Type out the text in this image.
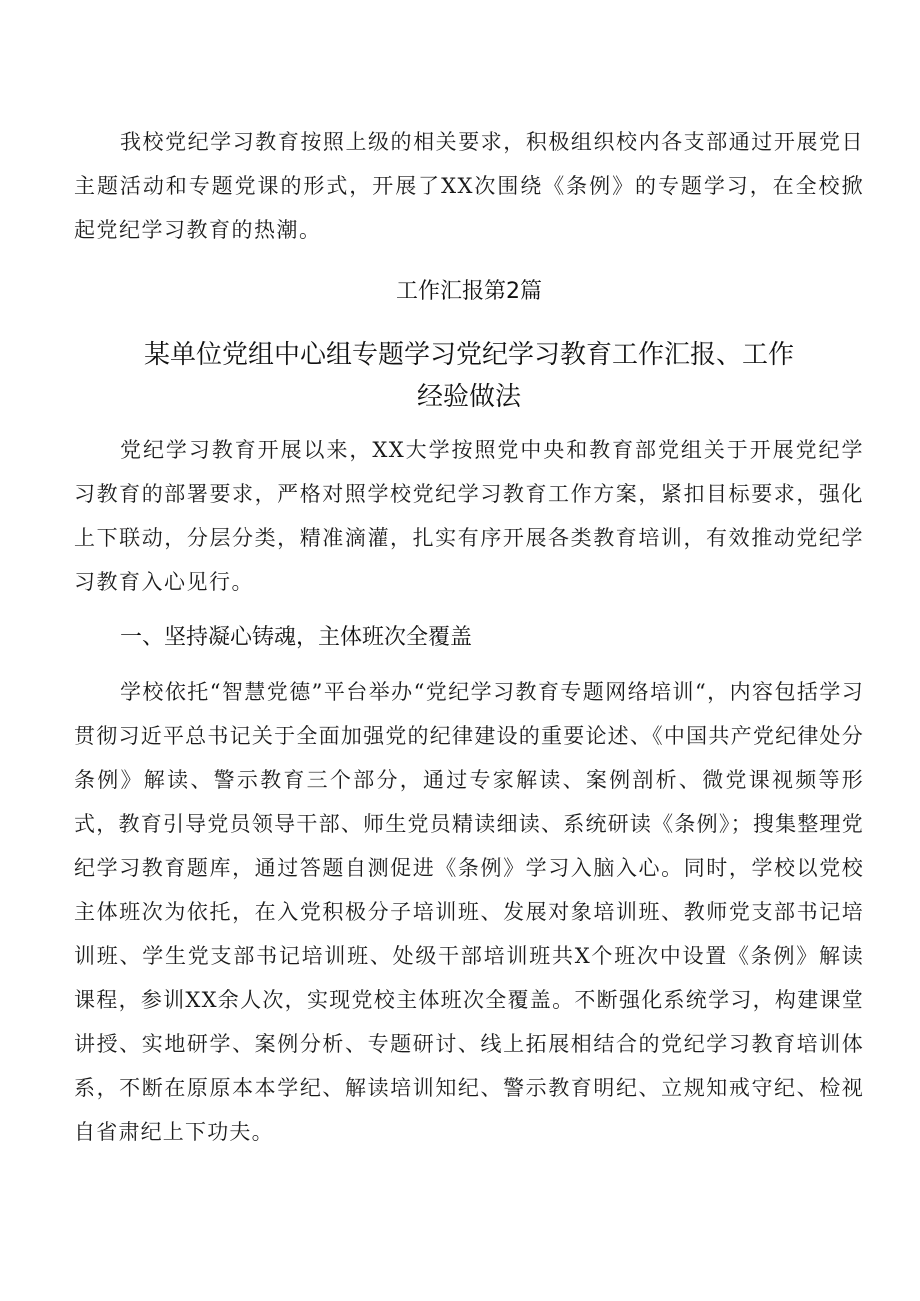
我校党纪学习教育按照上级的相关要求，积极组织校内各支部通过开展党日主题活动和专题党课的形式，开展了XX次围绕《条例》的专题学习，在全校掀起党纪学习教育的热潮。

工作汇报第2篇
某单位党组中心组专题学习党纪学习教育工作汇报、工作
经验做法

党纪学习教育开展以来，XX大学按照党中央和教育部党组关于开展党纪学习教育的部署要求，严格对照学校党纪学习教育工作方案，紧扣目标要求，强化上下联动，分层分类，精准滴灌，扎实有序开展各类教育培训，有效推动党纪学习教育入心见行。

一、坚持凝心铸魂，主体班次全覆盖

学校依托“智慧党德”平台举办“党纪学习教育专题网络培训“，内容包括学习贯彻习近平总书记关于全面加强党的纪律建设的重要论述、《中国共产党纪律处分条例》解读、警示教育三个部分，通过专家解读、案例剖析、微党课视频等形式，教育引导党员领导干部、师生党员精读细读、系统研读《条例》；搜集整理党纪学习教育题库，通过答题自测促进《条例》学习入脑入心。同时，学校以党校主体班次为依托，在入党积极分子培训班、发展对象培训班、教师党支部书记培训班、学生党支部书记培训班、处级干部培训班共X个班次中设置《条例》解读课程，参训XX余人次，实现党校主体班次全覆盖。不断强化系统学习，构建课堂讲授、实地研学、案例分析、专题研讨、线上拓展相结合的党纪学习教育培训体系，不断在原原本本学纪、解读培训知纪、警示教育明纪、立规知戒守纪、检视自省肃纪上下功夫。
